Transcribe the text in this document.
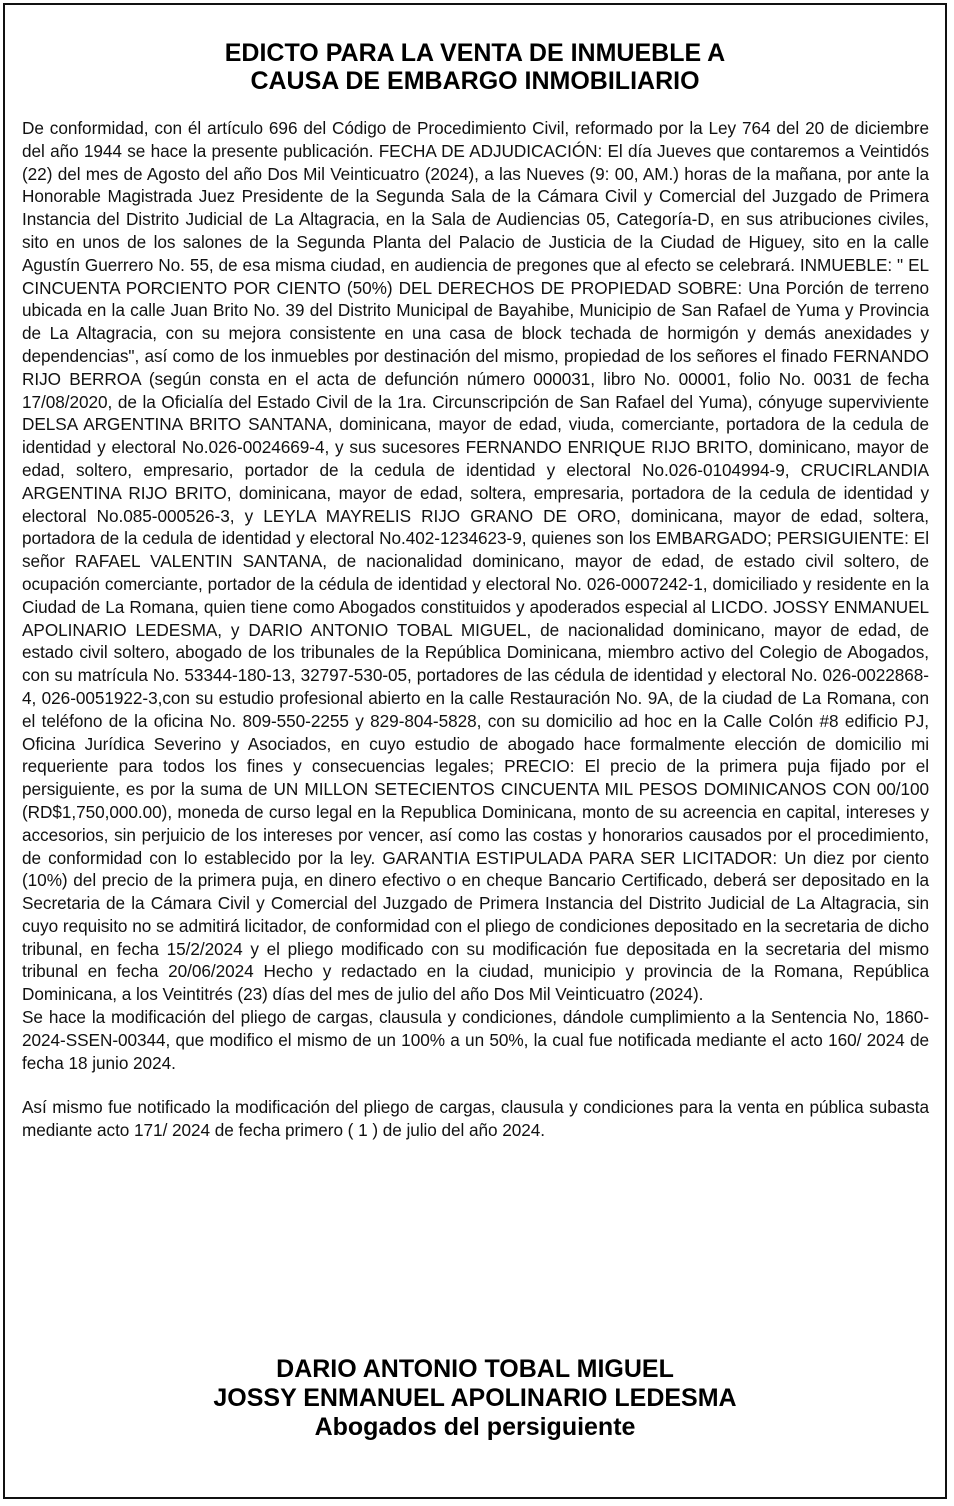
EDICTO PARA LA VENTA DE INMUEBLE A
CAUSA DE EMBARGO INMOBILIARIO

De conformidad, con él artículo 696 del Código de Procedimiento Civil, reformado por la Ley 764 del 20 de diciembre del año 1944 se hace la presente publicación. FECHA DE ADJUDICACIÓN: El día Jueves que contaremos a Veintidós (22) del mes de Agosto del año Dos Mil Veinticuatro (2024), a las Nueves (9: 00, AM.) horas de la mañana, por ante la Honorable Magistrada Juez Presidente de la Segunda Sala de la Cámara Civil y Comercial del Juzgado de Primera Instancia del Distrito Judicial de La Altagracia, en la Sala de Audiencias 05, Categoría-D, en sus atribuciones civiles, sito en unos de los salones de la Segunda Planta del Palacio de Justicia de la Ciudad de Higuey, sito en la calle Agustín Guerrero No. 55, de esa misma ciudad, en audiencia de pregones que al efecto se celebrará. INMUEBLE: " EL CINCUENTA PORCIENTO POR CIENTO (50%) DEL DERECHOS DE PROPIEDAD SOBRE: Una Porción de terreno ubicada en la calle Juan Brito No. 39 del Distrito Municipal de Bayahibe, Municipio de San Rafael de Yuma y Provincia de La Altagracia, con su mejora consistente en una casa de block techada de hormigón y demás anexidades y dependencias", así como de los inmuebles por destinación del mismo, propiedad de los señores el finado FERNANDO RIJO BERROA (según consta en el acta de defunción número 000031, libro No. 00001, folio No. 0031 de fecha 17/08/2020, de la Oficialía del Estado Civil de la 1ra. Circunscripción de San Rafael del Yuma), cónyuge superviviente DELSA ARGENTINA BRITO SANTANA, dominicana, mayor de edad, viuda, comerciante, portadora de la cedula de identidad y electoral No.026-0024669-4, y sus sucesores FERNANDO ENRIQUE RIJO BRITO, dominicano, mayor de edad, soltero, empresario, portador de la cedula de identidad y electoral No.026-0104994-9, CRUCIRLANDIA ARGENTINA RIJO BRITO, dominicana, mayor de edad, soltera, empresaria, portadora de la cedula de identidad y electoral No.085-000526-3, y LEYLA MAYRELIS RIJO GRANO DE ORO, dominicana, mayor de edad, soltera, portadora de la cedula de identidad y electoral No.402-1234623-9, quienes son los EMBARGADO; PERSIGUIENTE: El señor RAFAEL VALENTIN SANTANA, de nacionalidad dominicano, mayor de edad, de estado civil soltero, de ocupación comerciante, portador de la cédula de identidad y electoral No. 026-0007242-1, domiciliado y residente en la Ciudad de La Romana, quien tiene como Abogados constituidos y apoderados especial al LICDO. JOSSY ENMANUEL APOLINARIO LEDESMA, y DARIO ANTONIO TOBAL MIGUEL, de nacionalidad dominicano, mayor de edad, de estado civil soltero, abogado de los tribunales de la República Dominicana, miembro activo del Colegio de Abogados, con su matrícula No. 53344-180-13, 32797-530-05, portadores de las cédula de identidad y electoral No. 026-0022868-4, 026-0051922-3,con su estudio profesional abierto en la calle Restauración No. 9A, de la ciudad de La Romana, con el teléfono de la oficina No. 809-550-2255 y 829-804-5828, con su domicilio ad hoc en la Calle Colón #8 edificio PJ, Oficina Jurídica Severino y Asociados, en cuyo estudio de abogado hace formalmente elección de domicilio mi requeriente para todos los fines y consecuencias legales; PRECIO: El precio de la primera puja fijado por el persiguiente, es por la suma de UN MILLON SETECIENTOS CINCUENTA MIL PESOS DOMINICANOS CON 00/100 (RD$1,750,000.00), moneda de curso legal en la Republica Dominicana, monto de su acreencia en capital, intereses y accesorios, sin perjuicio de los intereses por vencer, así como las costas y honorarios causados por el procedimiento, de conformidad con lo establecido por la ley. GARANTIA ESTIPULADA PARA SER LICITADOR: Un diez por ciento (10%) del precio de la primera puja, en dinero efectivo o en cheque Bancario Certificado, deberá ser depositado en la Secretaria de la Cámara Civil y Comercial del Juzgado de Primera Instancia del Distrito Judicial de La Altagracia, sin cuyo requisito no se admitirá licitador, de conformidad con el pliego de condiciones depositado en la secretaria de dicho tribunal, en fecha 15/2/2024 y el pliego modificado con su modificación fue depositada en la secretaria del mismo tribunal en fecha 20/06/2024 Hecho y redactado en la ciudad, municipio y provincia de la Romana, República Dominicana, a los Veintitrés (23) días del mes de julio del año Dos Mil Veinticuatro (2024).

Se hace la modificación del pliego de cargas, clausula y condiciones, dándole cumplimiento a la Sentencia No, 1860-2024-SSEN-00344, que modifico el mismo de un 100% a un 50%, la cual fue notificada mediante el acto 160/ 2024 de fecha 18 junio 2024.

Así mismo fue notificado la modificación del pliego de cargas, clausula y condiciones para la venta en pública subasta mediante acto 171/ 2024 de fecha primero ( 1 ) de julio del año 2024.

DARIO ANTONIO TOBAL MIGUEL
JOSSY ENMANUEL APOLINARIO LEDESMA
Abogados del persiguiente
